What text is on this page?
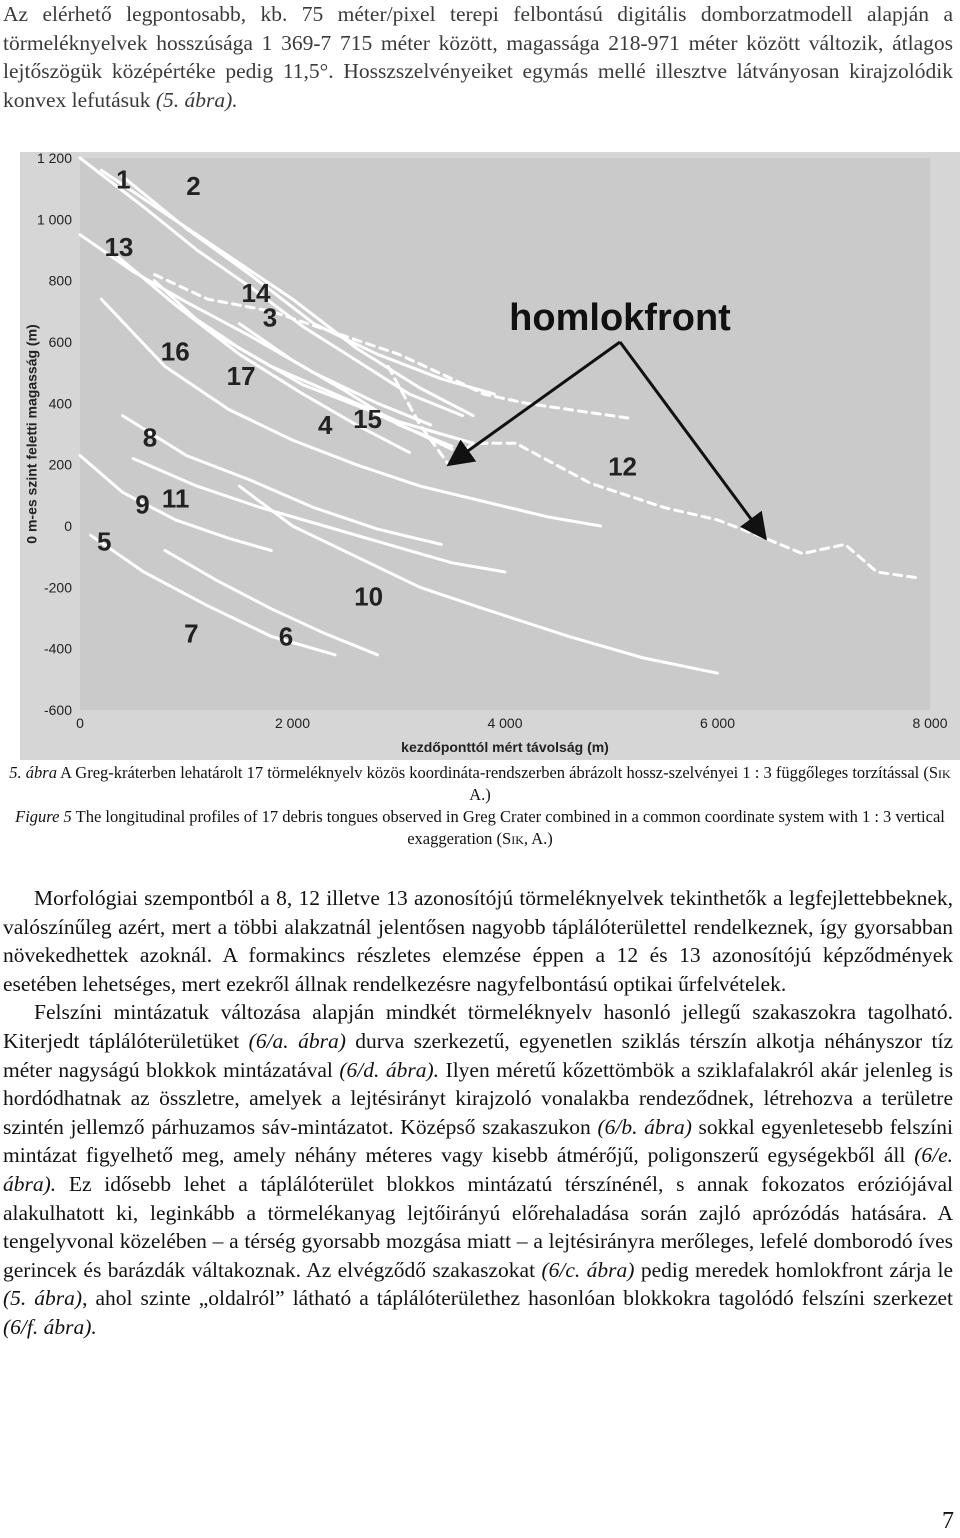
Az elérhető legpontosabb, kb. 75 méter/pixel terepi felbontású digitális domborzatmodell alapján a törmeléknyelvek hosszúsága 1 369-7 715 méter között, magassága 218-971 méter között változik, átlagos lejtőszögük középértéke pedig 11,5°. Hosszszelvényeiket egymás mellé illesztve látványosan kirajzolódik konvex lefutásuk (5. ábra).

1 2
14
3
13
16
17
4 15
12
8
9 11
5
10
7	6
-600
-400
-200
0
200
400
600
800
1 000
1 200
0	2 000	4 000	6 000	8 000
kezdőponttól mért távolság (m)
0 m-es szint feletti magasság (m)
homlokfront
5. ábra A Greg-kráterben lehatárolt 17 törmeléknyelv közös koordináta-rendszerben ábrázolt hossz-szelvényei 1 : 3 függőleges torzítással (Sik A.)
Figure 5 The longitudinal profiles of 17 debris tongues observed in Greg Crater combined in a common coordinate system with 1 : 3 vertical exaggeration (Sik, A.)

Morfológiai szempontból a 8, 12 illetve 13 azonosítójú törmeléknyelvek tekinthetők a legfejlettebbeknek, valószínűleg azért, mert a többi alakzatnál jelentősen nagyobb táplálóterülettel rendelkeznek, így gyorsabban növekedhettek azoknál. A formakincs részletes elemzése éppen a 12 és 13 azonosítójú képződmények esetében lehetséges, mert ezekről állnak rendelkezésre nagyfelbontású optikai űrfelvételek.

Felszíni mintázatuk változása alapján mindkét törmeléknyelv hasonló jellegű szakaszokra tagolható. Kiterjedt táplálóterületüket (6/a. ábra) durva szerkezetű, egyenetlen sziklás térszín alkotja néhányszor tíz méter nagyságú blokkok mintázatával (6/d. ábra). Ilyen méretű kőzettömbök a sziklafalakról akár jelenleg is hordódhatnak az összletre, amelyek a lejtésirányt kirajzoló vonalakba rendeződnek, létrehozva a területre szintén jellemző párhuzamos sáv-mintázatot. Középső szakaszukon (6/b. ábra) sokkal egyenletesebb felszíni mintázat figyelhető meg, amely néhány méteres vagy kisebb átmérőjű, poligonszerű egységekből áll (6/e. ábra). Ez idősebb lehet a táplálóterület blokkos mintázatú térszínénél, s annak fokozatos eróziójával alakulhatott ki, leginkább a törmelékanyag lejtőirányú előrehaladása során zajló aprózódás hatására. A tengelyvonal közelében – a térség gyorsabb mozgása miatt – a lejtésirányra merőleges, lefelé domborodó íves gerincek és barázdák váltakoznak. Az elvégződő szakaszokat (6/c. ábra) pedig meredek homlokfront zárja le (5. ábra), ahol szinte „oldalról” látható a táplálóterülethez hasonlóan blokkokra tagolódó felszíni szerkezet (6/f. ábra).

7
